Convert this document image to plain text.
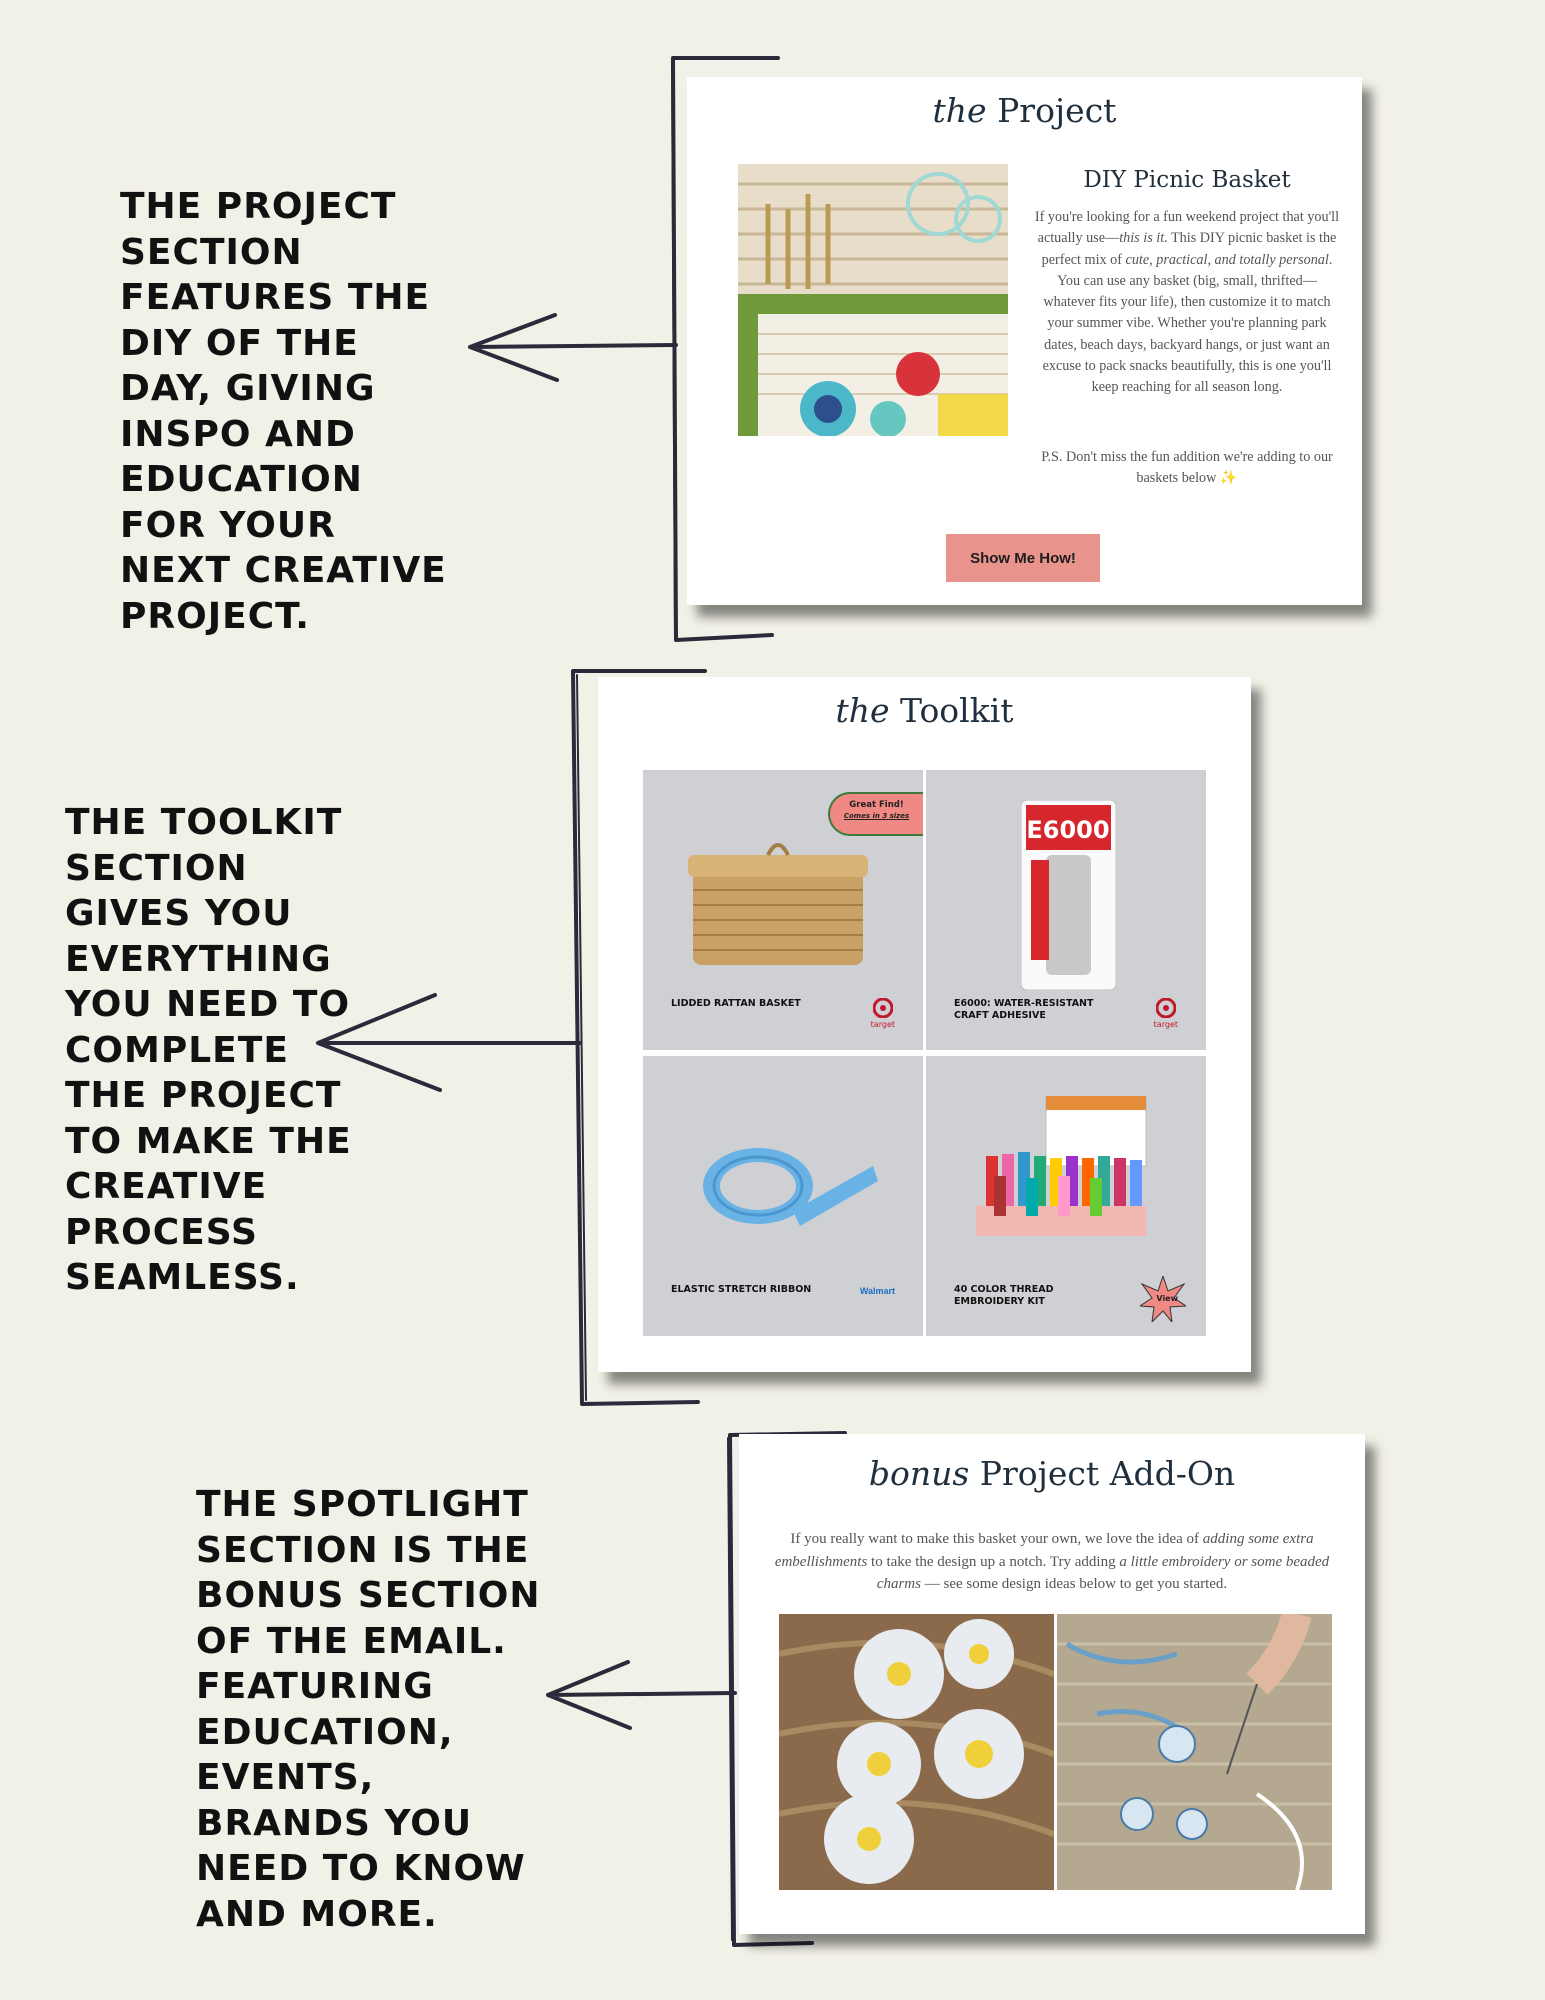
THE PROJECT SECTION FEATURES THE DIY OF THE DAY, GIVING INSPO AND EDUCATION FOR YOUR NEXT CREATIVE PROJECT.

THE TOOLKIT SECTION GIVES YOU EVERYTHING YOU NEED TO COMPLETE THE PROJECT TO MAKE THE CREATIVE PROCESS SEAMLESS.

THE SPOTLIGHT SECTION IS THE BONUS SECTION OF THE EMAIL. FEATURING EDUCATION, EVENTS, BRANDS YOU NEED TO KNOW AND MORE.

the Project
DIY Picnic Basket

If you're looking for a fun weekend project that you'll actually use—this is it. This DIY picnic basket is the perfect mix of cute, practical, and totally personal. You can use any basket (big, small, thrifted—whatever fits your life), then customize it to match your summer vibe. Whether you're planning park dates, beach days, backyard hangs, or just want an excuse to pack snacks beautifully, this is one you'll keep reaching for all season long.

P.S. Don't miss the fun addition we're adding to our baskets below ✨

Show Me How!
the Toolkit
Great Find!
Comes in 3 sizes
LIDDED RATTAN BASKET
target
E6000
E6000: WATER-RESISTANT CRAFT ADHESIVE
target
ELASTIC STRETCH RIBBON	Walmart	40 COLOR THREAD EMBROIDERY KIT	View
bonus Project Add-On

If you really want to make this basket your own, we love the idea of adding some extra embellishments to take the design up a notch. Try adding a little embroidery or some beaded charms — see some design ideas below to get you started.
